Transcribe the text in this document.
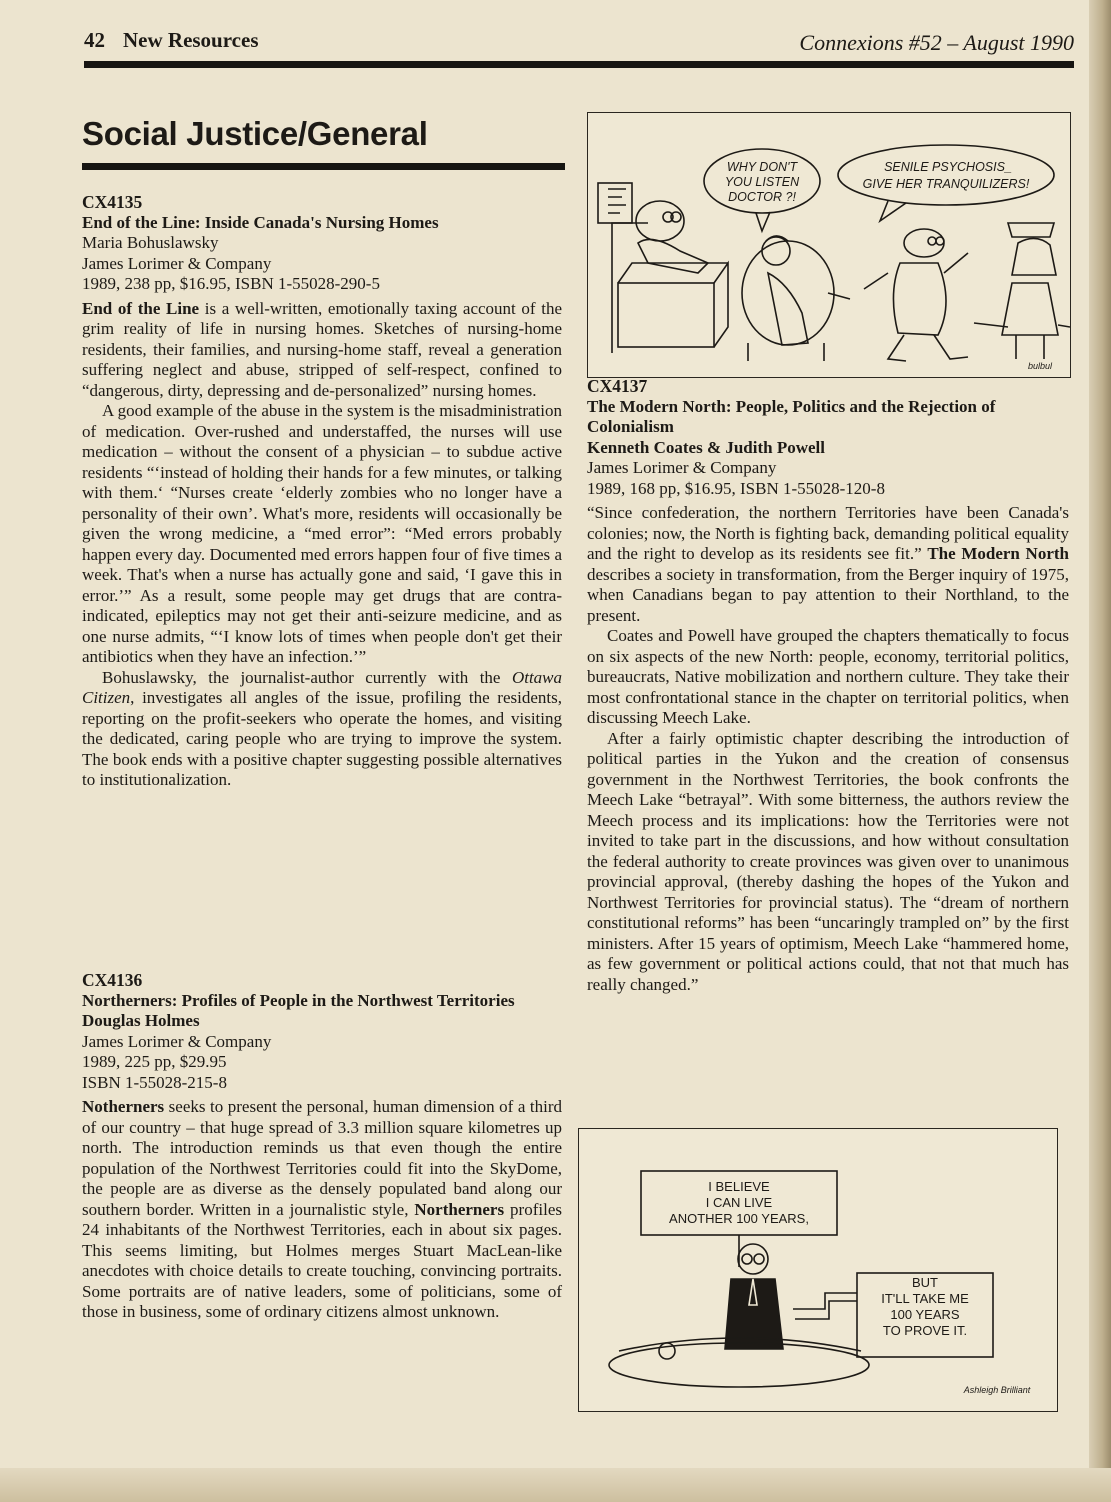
42 New Resources	Connexions #52 – August 1990
Social Justice/General
CX4135
End of the Line: Inside Canada's Nursing Homes
Maria Bohuslawsky
James Lorimer & Company
1989, 238 pp, $16.95, ISBN 1-55028-290-5

End of the Line is a well-written, emotionally taxing account of the grim reality of life in nursing homes. Sketches of nursing-home residents, their families, and nursing-home staff, reveal a generation suffering neglect and abuse, stripped of self-respect, confined to “dangerous, dirty, depressing and de-personalized” nursing homes.

A good example of the abuse in the system is the misadministration of medication. Over-rushed and understaffed, the nurses will use medication – without the consent of a physician – to subdue active residents “‘instead of holding their hands for a few minutes, or talking with them.‘ “Nurses create ‘elderly zombies who no longer have a personality of their own’. What's more, residents will occasionally be given the wrong medicine, a “med error”: “Med errors probably happen every day. Documented med errors happen four of five times a week. That's when a nurse has actually gone and said, ‘I gave this in error.’” As a result, some people may get drugs that are contra-indicated, epileptics may not get their anti-seizure medicine, and as one nurse admits, “‘I know lots of times when people don't get their antibiotics when they have an infection.’”

Bohuslawsky, the journalist-author currently with the Ottawa Citizen, investigates all angles of the issue, profiling the residents, reporting on the profit-seekers who operate the homes, and visiting the dedicated, caring people who are trying to improve the system. The book ends with a positive chapter suggesting possible alternatives to institutionalization.

CX4136
Northerners: Profiles of People in the Northwest Territories
Douglas Holmes
James Lorimer & Company
1989, 225 pp, $29.95
ISBN 1-55028-215-8

Notherners seeks to present the personal, human dimension of a third of our country – that huge spread of 3.3 million square kilometres up north. The introduction reminds us that even though the entire population of the Northwest Territories could fit into the SkyDome, the people are as diverse as the densely populated band along our southern border. Written in a journalistic style, Northerners profiles 24 inhabitants of the Northwest Territories, each in about six pages. This seems limiting, but Holmes merges Stuart MacLean-like anecdotes with choice details to create touching, convincing portraits. Some portraits are of native leaders, some of politicians, some of those in business, some of ordinary citizens almost unknown.

WHY DON'T
YOU LISTEN
DOCTOR ?!
SENILE PSYCHOSIS_
GIVE HER TRANQUILIZERS!
bulbul
CX4137
The Modern North: People, Politics and the Rejection of Colonialism
Kenneth Coates & Judith Powell
James Lorimer & Company
1989, 168 pp, $16.95, ISBN 1-55028-120-8

“Since confederation, the northern Territories have been Canada's colonies; now, the North is fighting back, demanding political equality and the right to develop as its residents see fit.” The Modern North describes a society in transformation, from the Berger inquiry of 1975, when Canadians began to pay attention to their Northland, to the present.

Coates and Powell have grouped the chapters thematically to focus on six aspects of the new North: people, economy, territorial politics, bureaucrats, Native mobilization and northern culture. They take their most confrontational stance in the chapter on territorial politics, when discussing Meech Lake.

After a fairly optimistic chapter describing the introduction of political parties in the Yukon and the creation of consensus government in the Northwest Territories, the book confronts the Meech Lake “betrayal”. With some bitterness, the authors review the Meech process and its implications: how the Territories were not invited to take part in the discussions, and how without consultation the federal authority to create provinces was given over to unanimous provincial approval, (thereby dashing the hopes of the Yukon and Northwest Territories for provincial status). The “dream of northern constitutional reforms” has been “uncaringly trampled on” by the first ministers. After 15 years of optimism, Meech Lake “hammered home, as few government or political actions could, that not that much has really changed.”

I BELIEVE
I CAN LIVE
ANOTHER 100 YEARS,
BUT
IT'LL TAKE ME
100 YEARS
TO PROVE IT.
Ashleigh Brilliant
